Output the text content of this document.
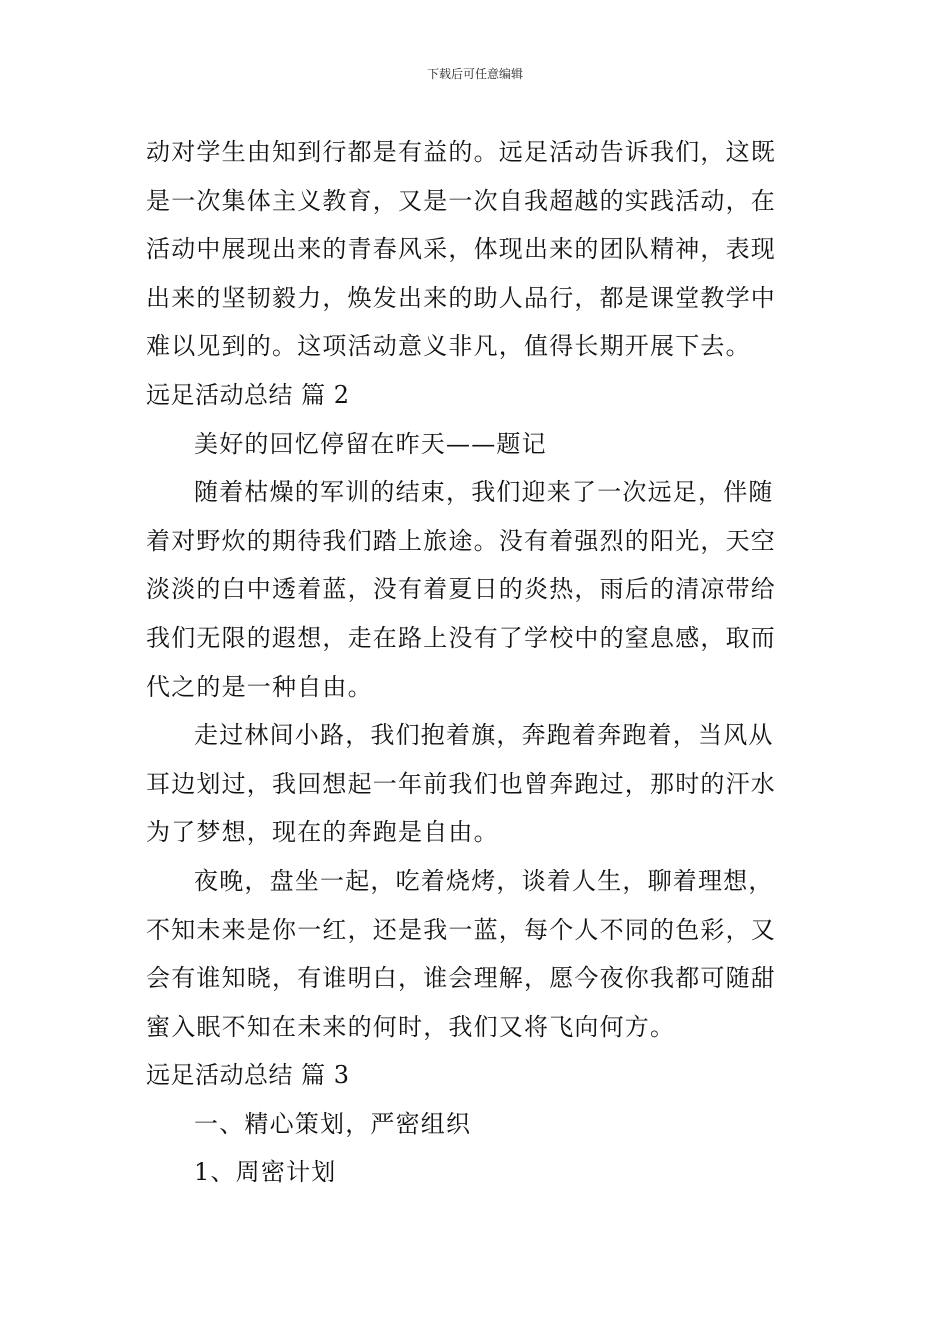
下载后可任意编辑
动对学生由知到行都是有益的。远足活动告诉我们，这既
是一次集体主义教育，又是一次自我超越的实践活动，在
活动中展现出来的青春风采，体现出来的团队精神，表现
出来的坚韧毅力，焕发出来的助人品行，都是课堂教学中
难以见到的。这项活动意义非凡，值得长期开展下去。
远足活动总结 篇 2
美好的回忆停留在昨天——题记
随着枯燥的军训的结束，我们迎来了一次远足，伴随
着对野炊的期待我们踏上旅途。没有着强烈的阳光，天空
淡淡的白中透着蓝，没有着夏日的炎热，雨后的清凉带给
我们无限的遐想，走在路上没有了学校中的窒息感，取而
代之的是一种自由。
走过林间小路，我们抱着旗，奔跑着奔跑着，当风从
耳边划过，我回想起一年前我们也曾奔跑过，那时的汗水
为了梦想，现在的奔跑是自由。
夜晚，盘坐一起，吃着烧烤，谈着人生，聊着理想，
不知未来是你一红，还是我一蓝，每个人不同的色彩，又
会有谁知晓，有谁明白，谁会理解，愿今夜你我都可随甜
蜜入眠不知在未来的何时，我们又将飞向何方。
远足活动总结 篇 3
一、精心策划，严密组织
1、周密计划
